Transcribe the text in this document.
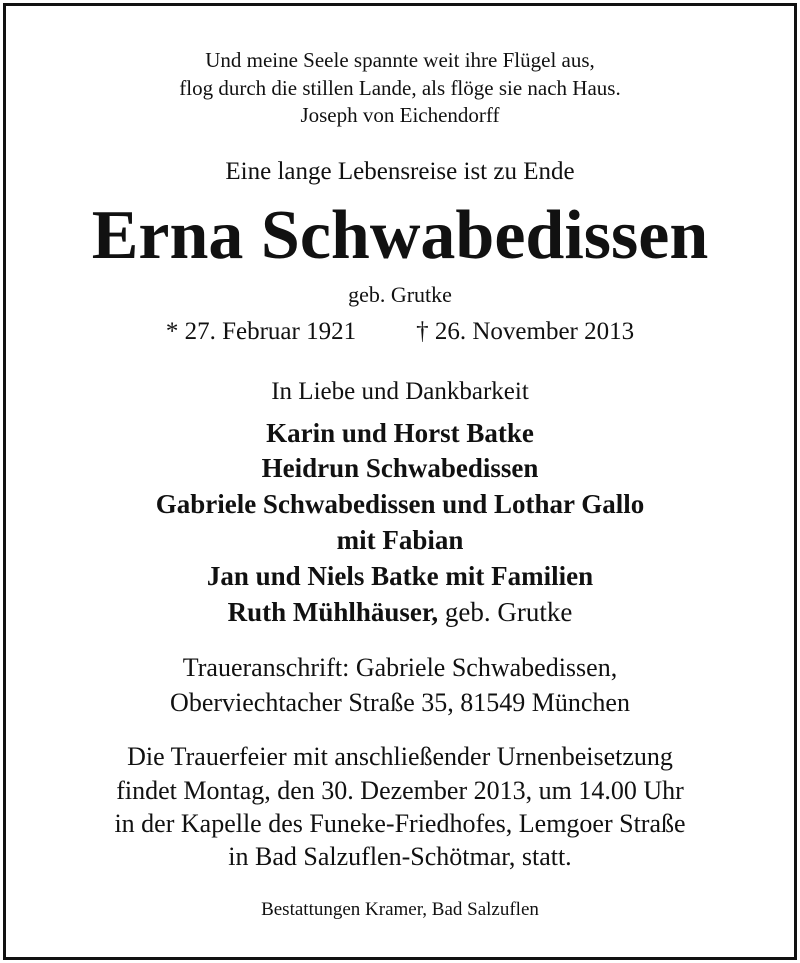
Und meine Seele spannte weit ihre Flügel aus,
flog durch die stillen Lande, als flöge sie nach Haus.
Joseph von Eichendorff
Eine lange Lebensreise ist zu Ende
Erna Schwabedissen
geb. Grutke
* 27. Februar 1921 † 26. November 2013
In Liebe und Dankbarkeit
Karin und Horst Batke
Heidrun Schwabedissen
Gabriele Schwabedissen und Lothar Gallo
mit Fabian
Jan und Niels Batke mit Familien
Ruth Mühlhäuser, geb. Grutke
Traueranschrift: Gabriele Schwabedissen,
Oberviechtacher Straße 35, 81549 München
Die Trauerfeier mit anschließender Urnenbeisetzung
findet Montag, den 30. Dezember 2013, um 14.00 Uhr
in der Kapelle des Funeke-Friedhofes, Lemgoer Straße
in Bad Salzuflen-Schötmar, statt.
Bestattungen Kramer, Bad Salzuflen
